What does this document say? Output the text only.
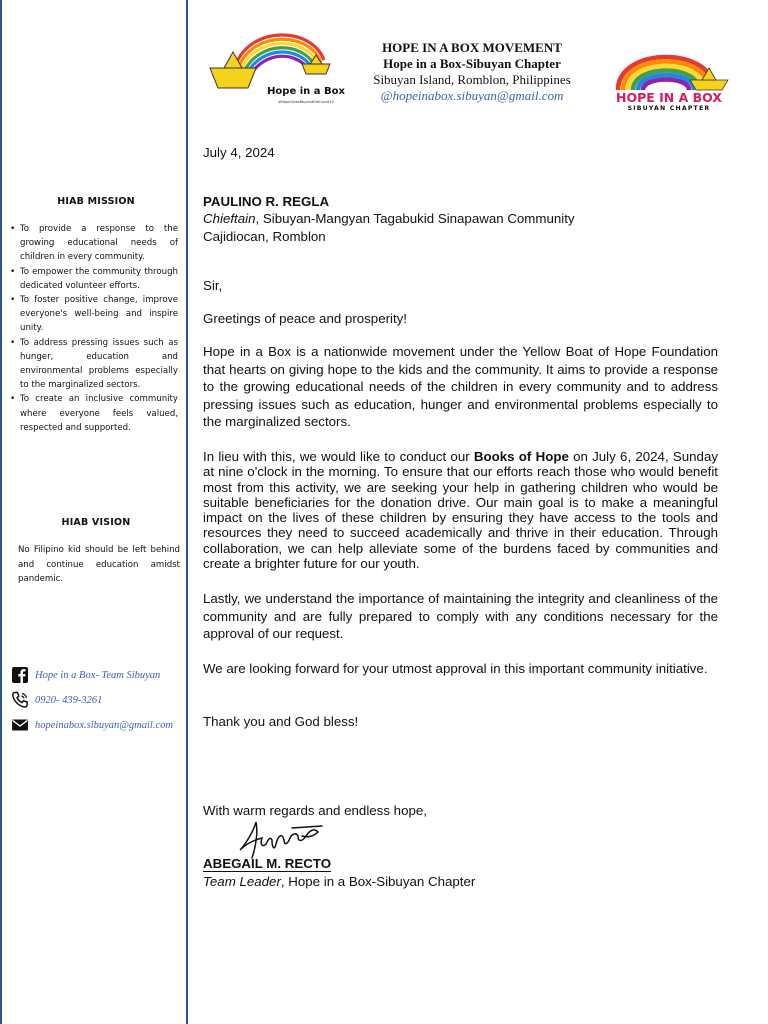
HIAB MISSION
• To provide a response to the growing educational needs of children in every community.
• To empower the community through dedicated volunteer efforts.
• To foster positive change, improve everyone's well-being and inspire unity.
• To address pressing issues such as hunger, education and environmental problems especially to the marginalized sectors.
• To create an inclusive community where everyone feels valued, respected and supported.
HIAB VISION
No Filipino kid should be left behind and continue education amidst pandemic.
Hope in a Box- Team Sibuyan
0920- 439-3261
hopeinabox.sibuyan@gmail.com
Hope in a Box
#HopeGoesBeyondtheCovid19
HOPE IN A BOX MOVEMENT
Hope in a Box-Sibuyan Chapter
Sibuyan Island, Romblon, Philippines
@hopeinabox.sibuyan@gmail.com	HOPE IN A BOX
SIBUYAN CHAPTER
July 4, 2024
PAULINO R. REGLA
Chieftain, Sibuyan-Mangyan Tagabukid Sinapawan Community
Cajidiocan, Romblon
Sir,
Greetings of peace and prosperity!
Hope in a Box is a nationwide movement under the Yellow Boat of Hope Foundation that hearts on giving hope to the kids and the community. It aims to provide a response to the growing educational needs of the children in every community and to address pressing issues such as education, hunger and environmental problems especially to the marginalized sectors.
In lieu with this, we would like to conduct our Books of Hope on July 6, 2024, Sunday at nine o'clock in the morning. To ensure that our efforts reach those who would benefit most from this activity, we are seeking your help in gathering children who would be suitable beneficiaries for the donation drive. Our main goal is to make a meaningful impact on the lives of these children by ensuring they have access to the tools and resources they need to succeed academically and thrive in their education. Through collaboration, we can help alleviate some of the burdens faced by communities and create a brighter future for our youth.
Lastly, we understand the importance of maintaining the integrity and cleanliness of the community and are fully prepared to comply with any conditions necessary for the approval of our request.
We are looking forward for your utmost approval in this important community initiative.
Thank you and God bless!
With warm regards and endless hope,
ABEGAIL M. RECTO
Team Leader, Hope in a Box-Sibuyan Chapter
